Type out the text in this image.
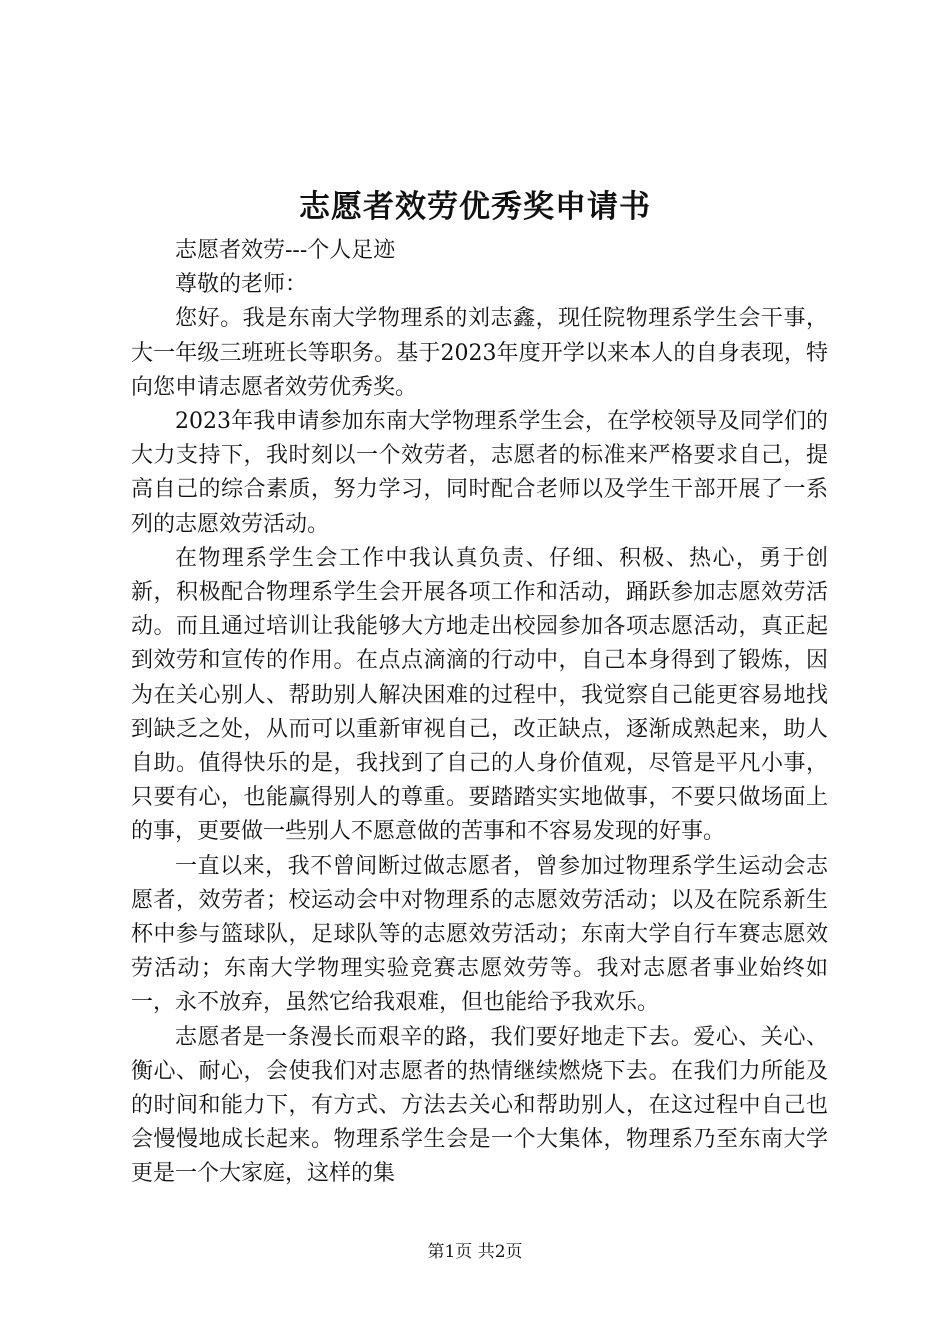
志愿者效劳优秀奖申请书

志愿者效劳---个人足迹

尊敬的老师：

您好。我是东南大学物理系的刘志鑫，现任院物理系学生会干事，大一年级三班班长等职务。基于2023年度开学以来本人的自身表现，特向您申请志愿者效劳优秀奖。

2023年我申请参加东南大学物理系学生会，在学校领导及同学们的大力支持下，我时刻以一个效劳者，志愿者的标准来严格要求自己，提高自己的综合素质，努力学习，同时配合老师以及学生干部开展了一系列的志愿效劳活动。

在物理系学生会工作中我认真负责、仔细、积极、热心，勇于创新，积极配合物理系学生会开展各项工作和活动，踊跃参加志愿效劳活动。而且通过培训让我能够大方地走出校园参加各项志愿活动，真正起到效劳和宣传的作用。在点点滴滴的行动中，自己本身得到了锻炼，因为在关心别人、帮助别人解决困难的过程中，我觉察自己能更容易地找到缺乏之处，从而可以重新审视自己，改正缺点，逐渐成熟起来，助人自助。值得快乐的是，我找到了自己的人身价值观，尽管是平凡小事，只要有心，也能赢得别人的尊重。要踏踏实实地做事，不要只做场面上的事，更要做一些别人不愿意做的苦事和不容易发现的好事。

一直以来，我不曾间断过做志愿者，曾参加过物理系学生运动会志愿者，效劳者；校运动会中对物理系的志愿效劳活动；以及在院系新生杯中参与篮球队，足球队等的志愿效劳活动；东南大学自行车赛志愿效劳活动；东南大学物理实验竞赛志愿效劳等。我对志愿者事业始终如一，永不放弃，虽然它给我艰难，但也能给予我欢乐。

志愿者是一条漫长而艰辛的路，我们要好地走下去。爱心、关心、衡心、耐心，会使我们对志愿者的热情继续燃烧下去。在我们力所能及的时间和能力下，有方式、方法去关心和帮助别人，在这过程中自己也会慢慢地成长起来。物理系学生会是一个大集体，物理系乃至东南大学更是一个大家庭，这样的集

第1页 共2页
